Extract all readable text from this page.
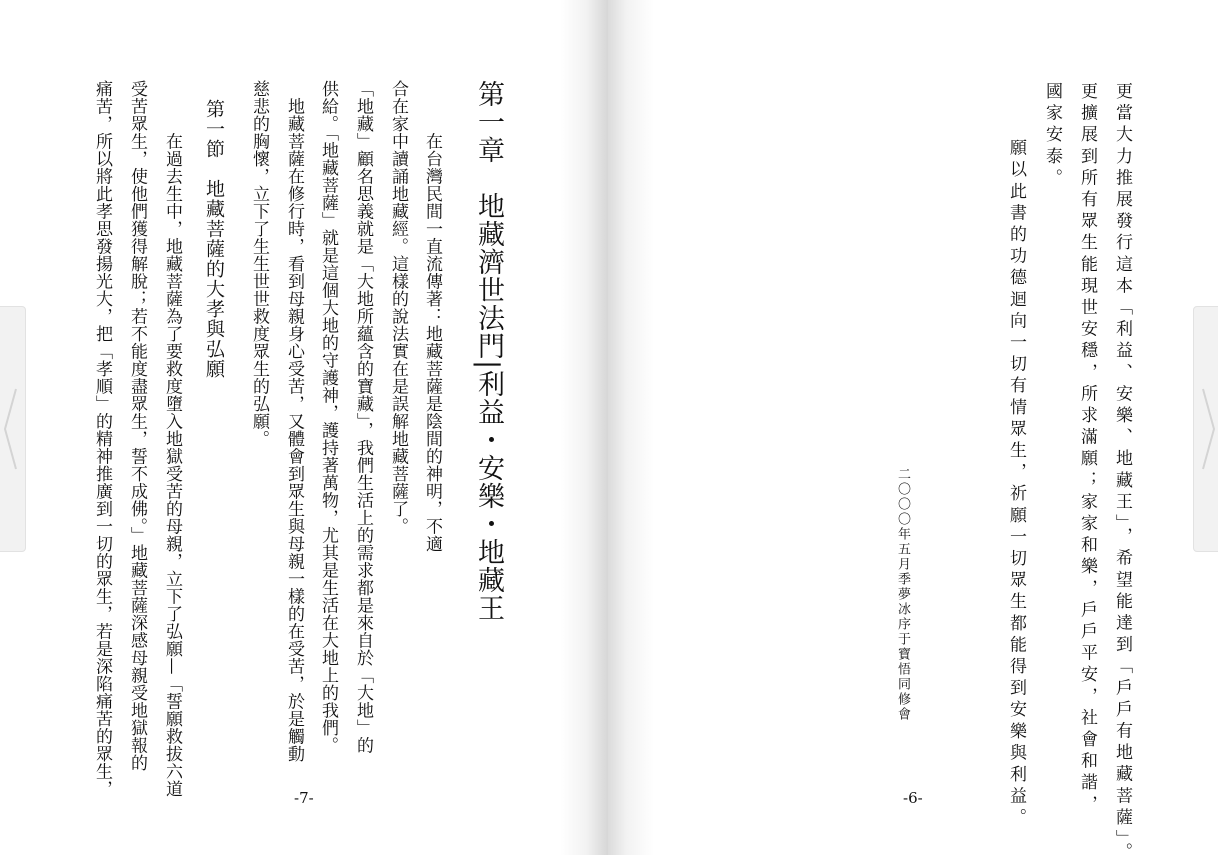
第一章　地藏濟世法門|利益・安樂・地藏王
　在台灣民間一直流傳著：地藏菩薩是陰間的神明，不適
合在家中讀誦地藏經。這樣的說法實在是誤解地藏菩薩了。
「地藏」顧名思義就是「大地所蘊含的寶藏」，我們生活上的需求都是來自於「大地」的
供給。「地藏菩薩」就是這個大地的守護神，護持著萬物，尤其是生活在大地上的我們。
　地藏菩薩在修行時，看到母親身心受苦，又體會到眾生與母親一樣的在受苦，於是觸動
慈悲的胸懷，立下了生生世世救度眾生的弘願。
第一節　地藏菩薩的大孝與弘願
　在過去生中，地藏菩薩為了要救度墮入地獄受苦的母親，立下了弘願—「誓願救拔六道
受苦眾生，使他們獲得解脫；若不能度盡眾生，誓不成佛。」地藏菩薩深感母親受地獄報的
痛苦，所以將此孝思發揚光大，把「孝順」的精神推廣到一切的眾生，若是深陷痛苦的眾生，
-7-	更當大力推展發行這本「利益、安樂、地藏王」，希望能達到「戶戶有地藏菩薩」。
更擴展到所有眾生能現世安穩，所求滿願；家家和樂，戶戶平安，社會和諧，
國家安泰。
　願以此書的功德迴向一切有情眾生，祈願一切眾生都能得到安樂與利益。
二〇〇〇年五月季夢冰序于寶悟同修會
-6-
